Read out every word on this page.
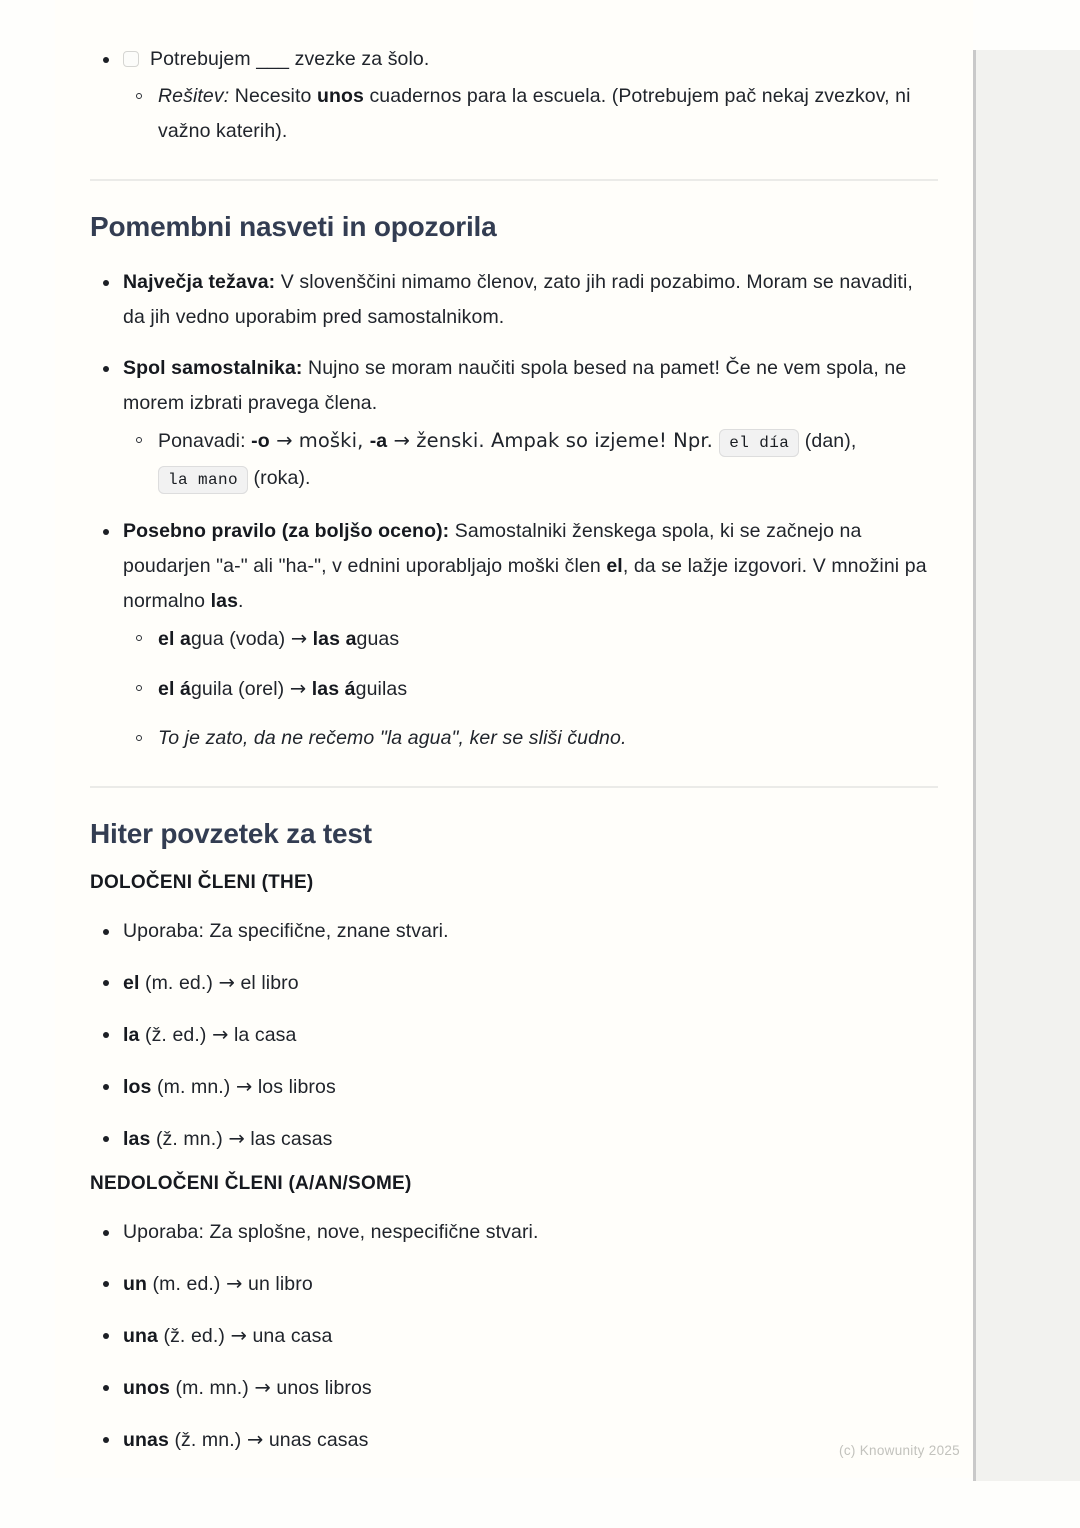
Potrebujem ___ zvezke za šolo.
Rešitev: Necesito unos cuadernos para la escuela. (Potrebujem pač nekaj zvezkov, ni važno katerih).
Pomembni nasveti in opozorila
Največja težava: V slovenščini nimamo členov, zato jih radi pozabimo. Moram se navaditi, da jih vedno uporabim pred samostalnikom.
Spol samostalnika: Nujno se moram naučiti spola besed na pamet! Če ne vem spola, ne morem izbrati pravega člena.
Ponavadi: -o → moški, -a → ženski. Ampak so izjeme! Npr. el día (dan), la mano (roka).
Posebno pravilo (za boljšo oceno): Samostalniki ženskega spola, ki se začnejo na poudarjen "a-" ali "ha-", v ednini uporabljajo moški člen el, da se lažje izgovori. V množini pa normalno las.
el agua (voda) → las aguas
el águila (orel) → las águilas
To je zato, da ne rečemo "la agua", ker se sliši čudno.
Hiter povzetek za test
DOLOČENI ČLENI (THE)
Uporaba: Za specifične, znane stvari.
el (m. ed.) → el libro
la (ž. ed.) → la casa
los (m. mn.) → los libros
las (ž. mn.) → las casas
NEDOLOČENI ČLENI (A/AN/SOME)
Uporaba: Za splošne, nove, nespecifične stvari.
un (m. ed.) → un libro
una (ž. ed.) → una casa
unos (m. mn.) → unos libros
unas (ž. mn.) → unas casas	(c) Knowunity 2025
